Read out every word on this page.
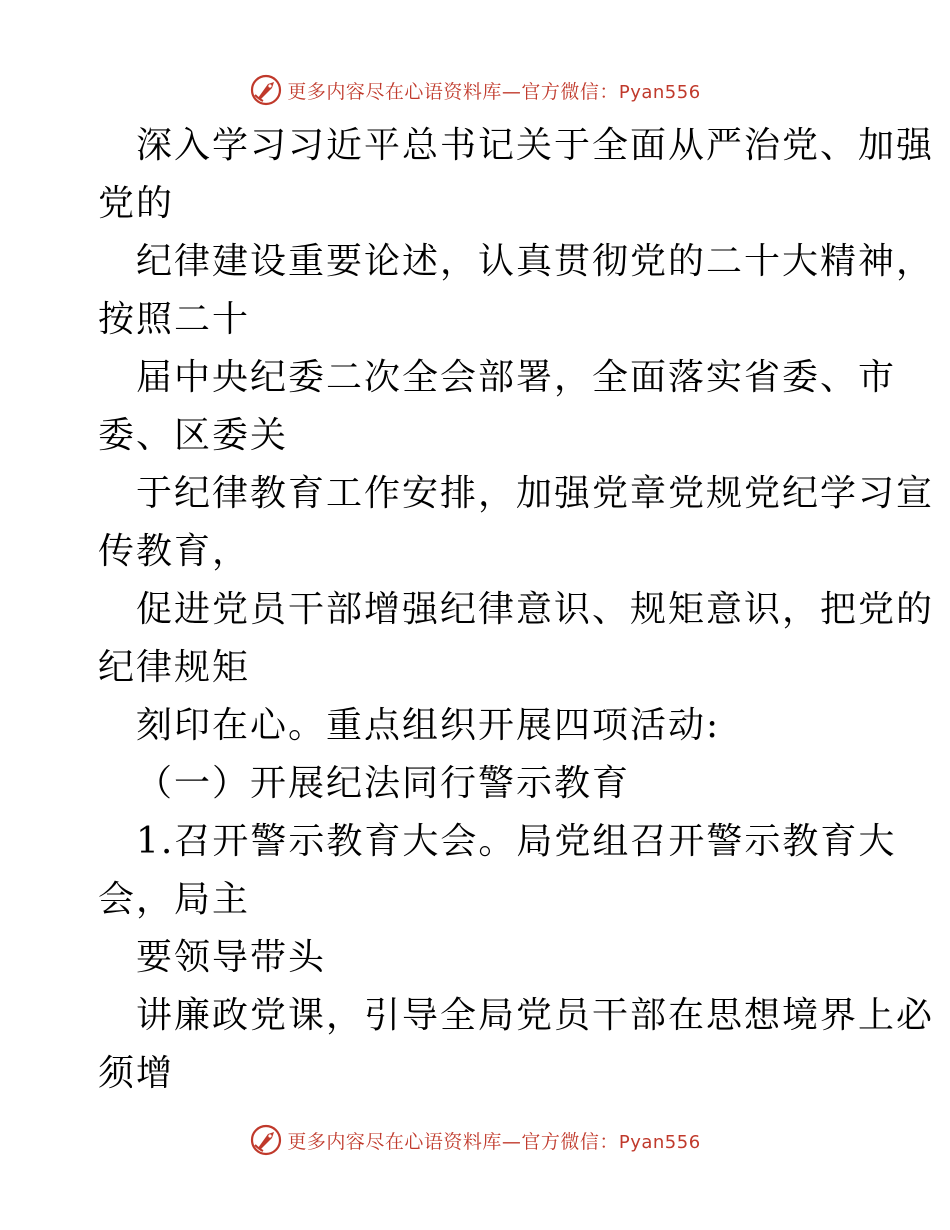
更多内容尽在心语资料库—官方微信：Pyan556
深入学习习近平总书记关于全面从严治党、加强
党的
纪律建设重要论述，认真贯彻党的二十大精神，
按照二十
届中央纪委二次全会部署，全面落实省委、市
委、区委关
于纪律教育工作安排，加强党章党规党纪学习宣
传教育，
促进党员干部增强纪律意识、规矩意识，把党的
纪律规矩
刻印在心。重点组织开展四项活动:
（一）开展纪法同行警示教育
1.召开警示教育大会。局党组召开警示教育大
会，局主
要领导带头
讲廉政党课，引导全局党员干部在思想境界上必
须增
更多内容尽在心语资料库—官方微信：Pyan556
